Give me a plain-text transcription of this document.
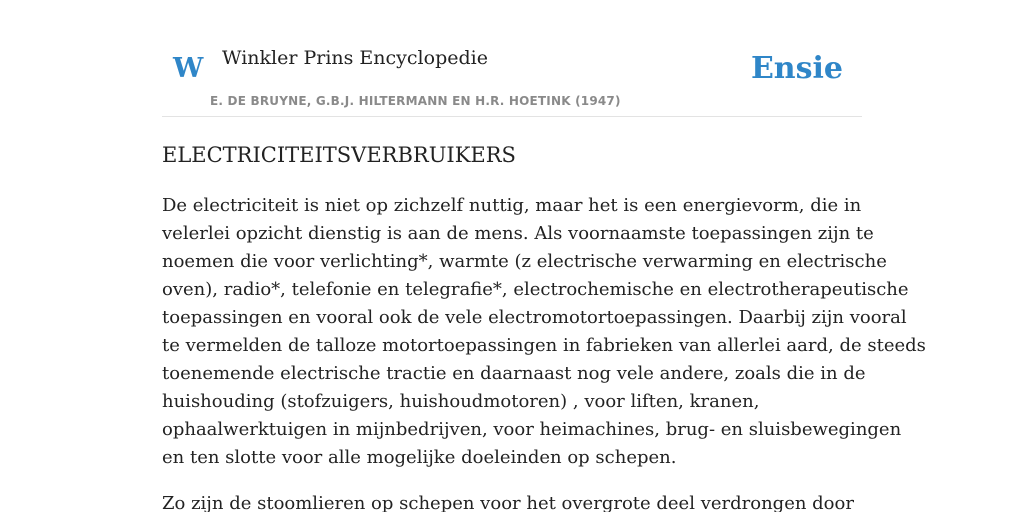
W Winkler Prins Encyclopedie
E. DE BRUYNE, G.B.J. HILTERMANN EN H.R. HOETINK (1947)
Ensie
ELECTRICITEITSVERBRUIKERS

De electriciteit is niet op zichzelf nuttig, maar het is een energievorm, die in
velerlei opzicht dienstig is aan de mens. Als voornaamste toepassingen zijn te
noemen die voor verlichting*, warmte (z electrische verwarming en electrische
oven), radio*, telefonie en telegrafie*, electrochemische en electrotherapeutische
toepassingen en vooral ook de vele electromotortoepassingen. Daarbij zijn vooral
te vermelden de talloze motortoepassingen in fabrieken van allerlei aard, de steeds
toenemende electrische tractie en daarnaast nog vele andere, zoals die in de
huishouding (stofzuigers, huishoudmotoren) , voor liften, kranen,
ophaalwerktuigen in mijnbedrijven, voor heimachines, brug- en sluisbewegingen
en ten slotte voor alle mogelijke doeleinden op schepen.

Zo zijn de stoomlieren op schepen voor het overgrote deel verdrongen door
